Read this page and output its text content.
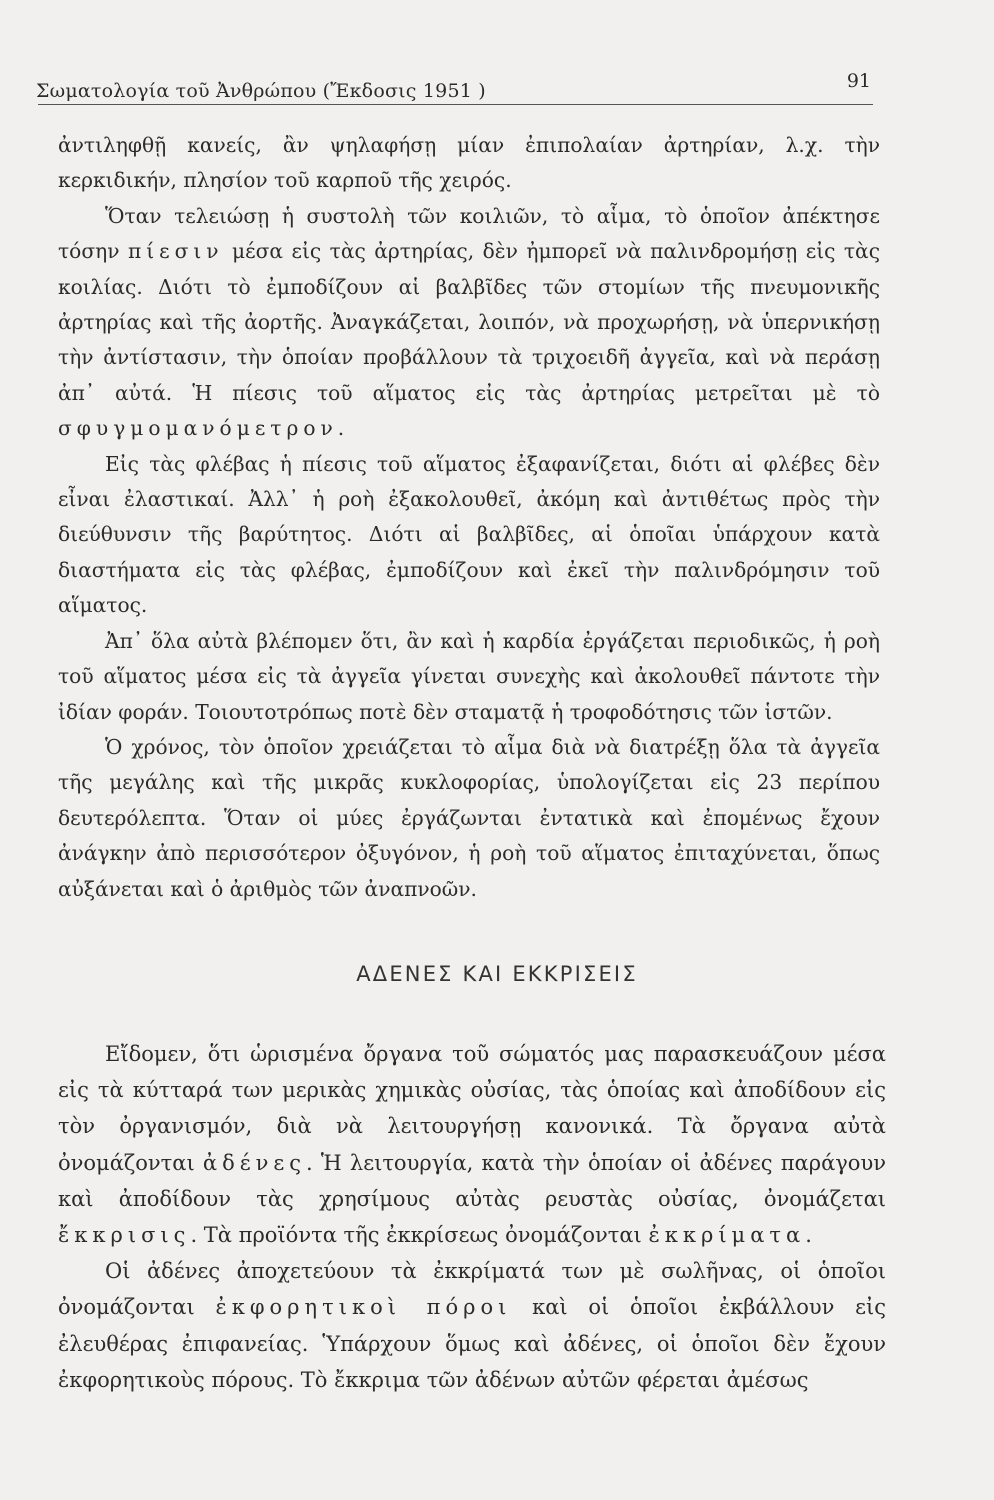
Σωματολογία τοῦ Ἀνθρώπου (Ἔκδοσις 1951 )	91

ἀντιληφθῇ κανείς, ἂν ψηλαφήσῃ μίαν ἐπιπολαίαν ἀρτηρίαν, λ.χ. τὴν κερκιδικήν, πλησίον τοῦ καρποῦ τῆς χειρός.

Ὅταν τελειώσῃ ἡ συστολὴ τῶν κοιλιῶν, τὸ αἷμα, τὸ ὁποῖον ἀπέκτησε τόσην πίεσιν μέσα εἰς τὰς ἀρτηρίας, δὲν ἠμπορεῖ νὰ παλινδρομήσῃ εἰς τὰς κοιλίας. Διότι τὸ ἐμποδίζουν αἱ βαλβῖδες τῶν στομίων τῆς πνευμονικῆς ἀρτηρίας καὶ τῆς ἀορτῆς. Ἀναγκάζεται, λοιπόν, νὰ προχωρήσῃ, νὰ ὑπερνικήσῃ τὴν ἀντίστασιν, τὴν ὁποίαν προβάλλουν τὰ τριχοειδῆ ἀγγεῖα, καὶ νὰ περάσῃ ἀπ᾽ αὐτά. Ἡ πίεσις τοῦ αἵματος εἰς τὰς ἀρτηρίας μετρεῖται μὲ τὸ σφυγμομανόμετρον.

Εἰς τὰς φλέβας ἡ πίεσις τοῦ αἵματος ἐξαφανίζεται, διότι αἱ φλέβες δὲν εἶναι ἐλαστικαί. Ἀλλ᾽ ἡ ροὴ ἐξακολουθεῖ, ἀκόμη καὶ ἀντιθέτως πρὸς τὴν διεύθυνσιν τῆς βαρύτητος. Διότι αἱ βαλβῖδες, αἱ ὁποῖαι ὑπάρχουν κατὰ διαστήματα εἰς τὰς φλέβας, ἐμποδίζουν καὶ ἐκεῖ τὴν παλινδρόμησιν τοῦ αἵματος.

Ἀπ᾽ ὅλα αὐτὰ βλέπομεν ὅτι, ἂν καὶ ἡ καρδία ἐργάζεται περιοδικῶς, ἡ ροὴ τοῦ αἵματος μέσα εἰς τὰ ἀγγεῖα γίνεται συνεχὴς καὶ ἀκολουθεῖ πάντοτε τὴν ἰδίαν φοράν. Τοιουτοτρόπως ποτὲ δὲν σταματᾷ ἡ τροφοδότησις τῶν ἱστῶν.

Ὁ χρόνος, τὸν ὁποῖον χρειάζεται τὸ αἷμα διὰ νὰ διατρέξῃ ὅλα τὰ ἀγγεῖα τῆς μεγάλης καὶ τῆς μικρᾶς κυκλοφορίας, ὑπολογίζεται εἰς 23 περίπου δευτερόλεπτα. Ὅταν οἱ μύες ἐργάζωνται ἐντατικὰ καὶ ἐπομένως ἔχουν ἀνάγκην ἀπὸ περισσότερον ὀξυγόνον, ἡ ροὴ τοῦ αἵματος ἐπιταχύνεται, ὅπως αὐξάνεται καὶ ὁ ἀριθμὸς τῶν ἀναπνοῶν.

ΑΔΕΝΕΣ ΚΑΙ ΕΚΚΡΙΣΕΙΣ

Εἴδομεν, ὅτι ὡρισμένα ὄργανα τοῦ σώματός μας παρασκευάζουν μέσα εἰς τὰ κύτταρά των μερικὰς χημικὰς οὐσίας, τὰς ὁποίας καὶ ἀποδίδουν εἰς τὸν ὀργανισμόν, διὰ νὰ λειτουργήσῃ κανονικά. Τὰ ὄργανα αὐτὰ ὀνομάζονται ἀδένες. Ἡ λειτουργία, κατὰ τὴν ὁποίαν οἱ ἀδένες παράγουν καὶ ἀποδίδουν τὰς χρησίμους αὐτὰς ρευστὰς οὐσίας, ὀνομάζεται ἔκκρισις. Τὰ προϊόντα τῆς ἐκκρίσεως ὀνομάζονται ἐκκρίματα.

Οἱ ἀδένες ἀποχετεύουν τὰ ἐκκρίματά των μὲ σωλῆνας, οἱ ὁποῖοι ὀνομάζονται ἐκφορητικοὶ πόροι καὶ οἱ ὁποῖοι ἐκβάλλουν εἰς ἐλευθέρας ἐπιφανείας. Ὑπάρχουν ὅμως καὶ ἀδένες, οἱ ὁποῖοι δὲν ἔχουν ἐκφορητικοὺς πόρους. Τὸ ἔκκριμα τῶν ἀδένων αὐτῶν φέρεται ἀμέσως
